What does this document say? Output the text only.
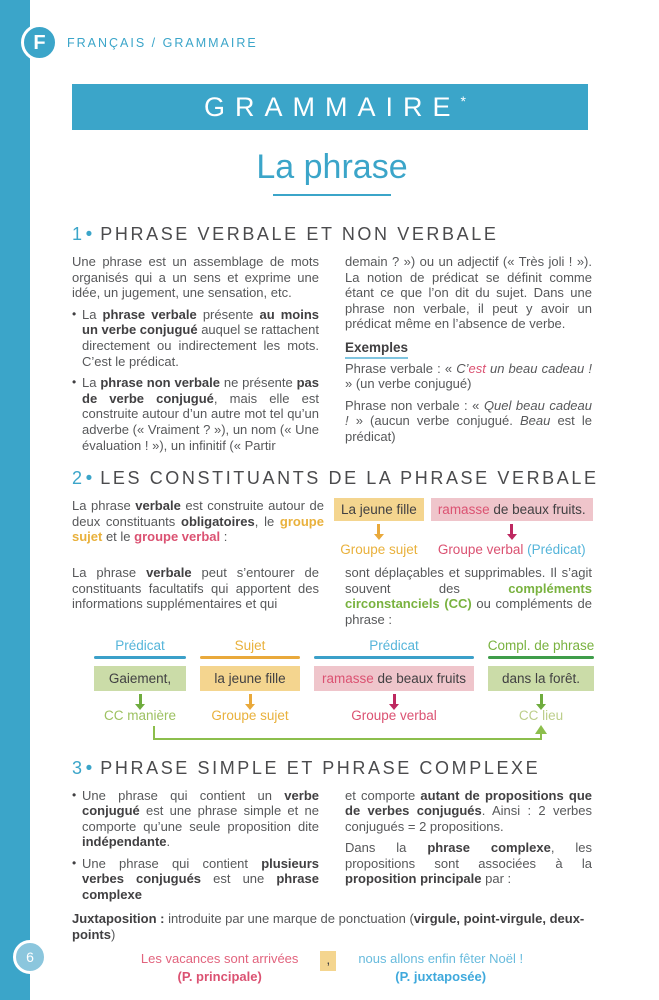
F FRANÇAIS / GRAMMAIRE
GRAMMAIRE*
La phrase
1• PHRASE VERBALE ET NON VERBALE

Une phrase est un assemblage de mots organisés qui a un sens et exprime une idée, un jugement, une sensation, etc.

• La phrase verbale présente au moins un verbe conjugué auquel se rattachent directement ou indirectement les mots. C’est le prédicat.
• La phrase non verbale ne présente pas de verbe conjugué, mais elle est construite autour d’un autre mot tel qu’un adverbe (« Vraiment ? »), un nom (« Une évaluation ! »), un infinitif (« Partir

demain ? ») ou un adjectif (« Très joli ! »). La notion de prédicat se définit comme étant ce que l’on dit du sujet. Dans une phrase non verbale, il peut y avoir un prédicat même en l’absence de verbe.

Exemples

Phrase verbale : « C’est un beau cadeau ! » (un verbe conjugué)

Phrase non verbale : « Quel beau cadeau ! » (aucun verbe conjugué. Beau est le prédicat)

2• LES CONSTITUANTS DE LA PHRASE VERBALE
La phrase verbale est construite autour de deux constituants obligatoires, le groupe sujet et le groupe verbal :
La jeune fille
Groupe sujet
ramasse de beaux fruits.
Groupe verbal (Prédicat)
La phrase verbale peut s’entourer de constituants facultatifs qui apportent des informations supplémentaires et qui
sont déplaçables et supprimables. Il s’agit souvent des compléments circonstanciels (CC) ou compléments de phrase :
Prédicat
Gaiement,
CC manière
Sujet
la jeune fille
Groupe sujet
Prédicat
ramasse de beaux fruits
Groupe verbal
Compl. de phrase
dans la forêt.
CC lieu
3• PHRASE SIMPLE ET PHRASE COMPLEXE
• Une phrase qui contient un verbe conjugué est une phrase simple et ne comporte qu’une seule proposition dite indépendante.
• Une phrase qui contient plusieurs verbes conjugués est une phrase complexe

et comporte autant de propositions que de verbes conjugués. Ainsi : 2 verbes conjugués = 2 propositions.

Dans la phrase complexe, les propositions sont associées à la proposition principale par :

Juxtaposition : introduite par une marque de ponctuation (virgule, point-virgule, deux-points)
Les vacances sont arrivées
(P. principale)
,	nous allons enfin fêter Noël !
(P. juxtaposée)
6
